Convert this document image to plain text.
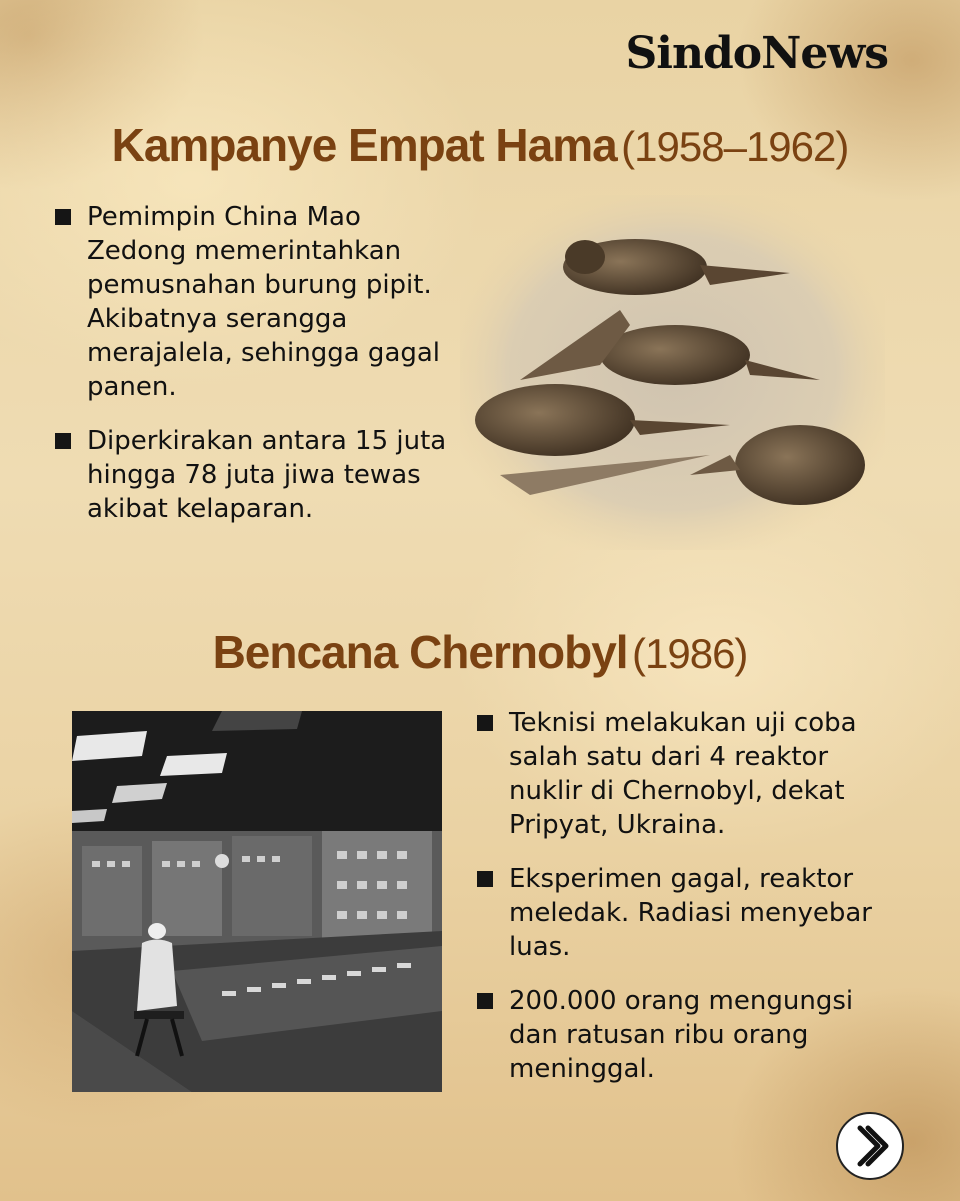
SindoNews
Kampanye Empat Hama (1958–1962)
Pemimpin China Mao Zedong memerintahkan pemusnahan burung pipit. Akibatnya serangga merajalela, sehingga gagal panen.
Diperkirakan antara 15 juta hingga 78 juta jiwa tewas akibat kelaparan.
Bencana Chernobyl (1986)
Teknisi melakukan uji coba salah satu dari 4 reaktor nuklir di Chernobyl, dekat Pripyat, Ukraina.
Eksperimen gagal, reaktor meledak. Radiasi menyebar luas.
200.000 orang mengungsi dan ratusan ribu orang meninggal.
